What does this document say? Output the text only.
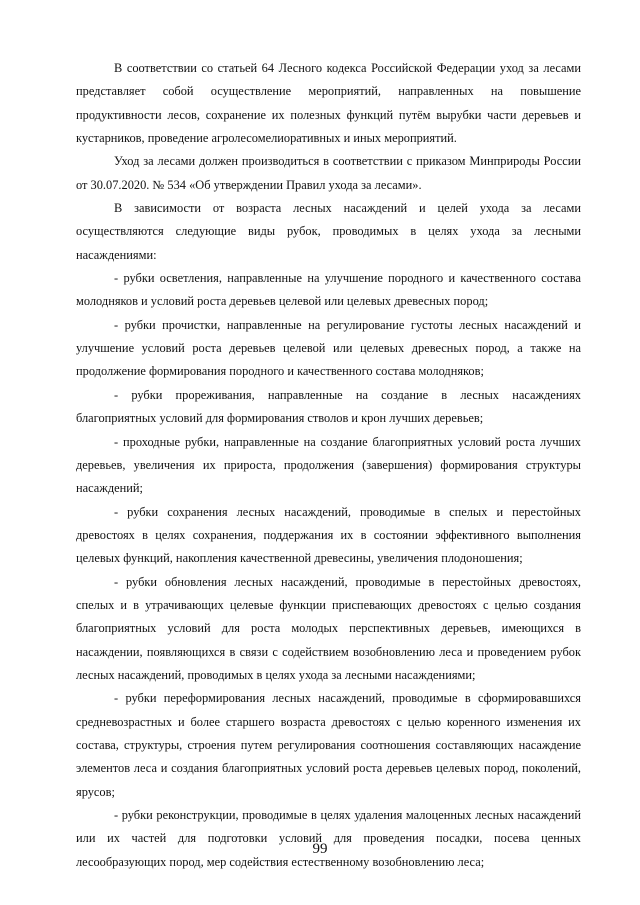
В соответствии со статьей 64 Лесного кодекса Российской Федерации уход за лесами представляет собой осуществление мероприятий, направленных на повышение продуктивности лесов, сохранение их полезных функций путём вырубки части деревьев и кустарников, проведение агролесомелиоративных и иных мероприятий.

Уход за лесами должен производиться в соответствии с приказом Минприроды России от 30.07.2020. № 534 «Об утверждении Правил ухода за лесами».

В зависимости от возраста лесных насаждений и целей ухода за лесами осуществляются следующие виды рубок, проводимых в целях ухода за лесными насаждениями:

- рубки осветления, направленные на улучшение породного и качественного состава молодняков и условий роста деревьев целевой или целевых древесных пород;

- рубки прочистки, направленные на регулирование густоты лесных насаждений и улучшение условий роста деревьев целевой или целевых древесных пород, а также на продолжение формирования породного и качественного состава молодняков;

- рубки прореживания, направленные на создание в лесных насаждениях благоприятных условий для формирования стволов и крон лучших деревьев;

- проходные рубки, направленные на создание благоприятных условий роста лучших деревьев, увеличения их прироста, продолжения (завершения) формирования структуры насаждений;

- рубки сохранения лесных насаждений, проводимые в спелых и перестойных древостоях в целях сохранения, поддержания их в состоянии эффективного выполнения целевых функций, накопления качественной древесины, увеличения плодоношения;

- рубки обновления лесных насаждений, проводимые в перестойных древостоях, спелых и в утрачивающих целевые функции приспевающих древостоях с целью создания благоприятных условий для роста молодых перспективных деревьев, имеющихся в насаждении, появляющихся в связи с содействием возобновлению леса и проведением рубок лесных насаждений, проводимых в целях ухода за лесными насаждениями;

- рубки переформирования лесных насаждений, проводимые в сформировавшихся средневозрастных и более старшего возраста древостоях с целью коренного изменения их состава, структуры, строения путем регулирования соотношения составляющих насаждение элементов леса и создания благоприятных условий роста деревьев целевых пород, поколений, ярусов;

- рубки реконструкции, проводимые в целях удаления малоценных лесных насаждений или их частей для подготовки условий для проведения посадки, посева ценных лесообразующих пород, мер содействия естественному возобновлению леса;

99
